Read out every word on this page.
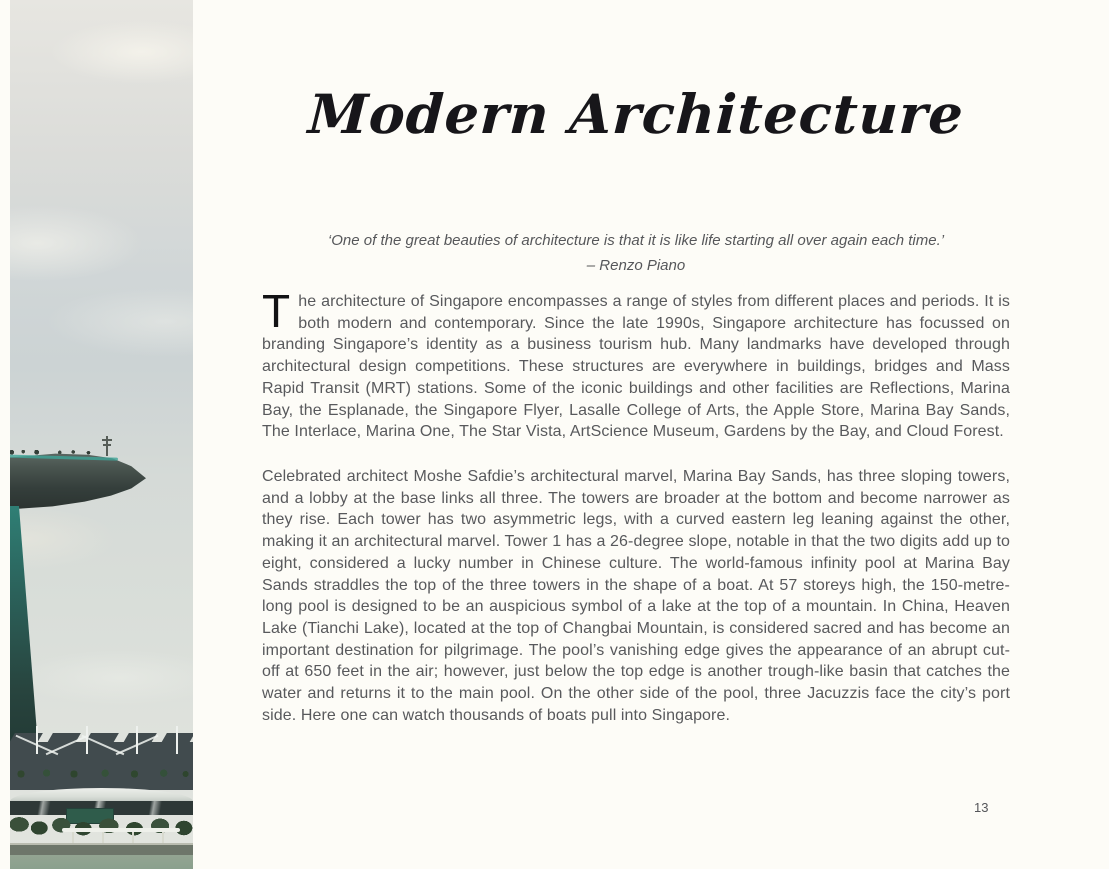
Modern Architecture

‘One of the great beauties of architecture is that it is like life starting all over again each time.’

– Renzo Piano

The architecture of Singapore encompasses a range of styles from different places and periods. It is both modern and contemporary. Since the late 1990s, Singapore architecture has focussed on branding Singapore’s identity as a business tourism hub. Many landmarks have developed through architectural design competitions. These structures are everywhere in buildings, bridges and Mass Rapid Transit (MRT) stations. Some of the iconic buildings and other facilities are Reflections, Marina Bay, the Esplanade, the Singapore Flyer, Lasalle College of Arts, the Apple Store, Marina Bay Sands, The Interlace, Marina One, The Star Vista, ArtScience Museum, Gardens by the Bay, and Cloud Forest.

Celebrated architect Moshe Safdie’s architectural marvel, Marina Bay Sands, has three sloping towers, and a lobby at the base links all three. The towers are broader at the bottom and become narrower as they rise. Each tower has two asymmetric legs, with a curved eastern leg leaning against the other, making it an architectural marvel. Tower 1 has a 26-degree slope, notable in that the two digits add up to eight, considered a lucky number in Chinese culture. The world-famous infinity pool at Marina Bay Sands straddles the top of the three towers in the shape of a boat. At 57 storeys high, the 150-metre-long pool is designed to be an auspicious symbol of a lake at the top of a mountain. In China, Heaven Lake (Tianchi Lake), located at the top of Changbai Mountain, is considered sacred and has become an important destination for pilgrimage. The pool’s vanishing edge gives the appearance of an abrupt cut-off at 650 feet in the air; however, just below the top edge is another trough-like basin that catches the water and returns it to the main pool. On the other side of the pool, three Jacuzzis face the city’s port side. Here one can watch thousands of boats pull into Singapore.

13
